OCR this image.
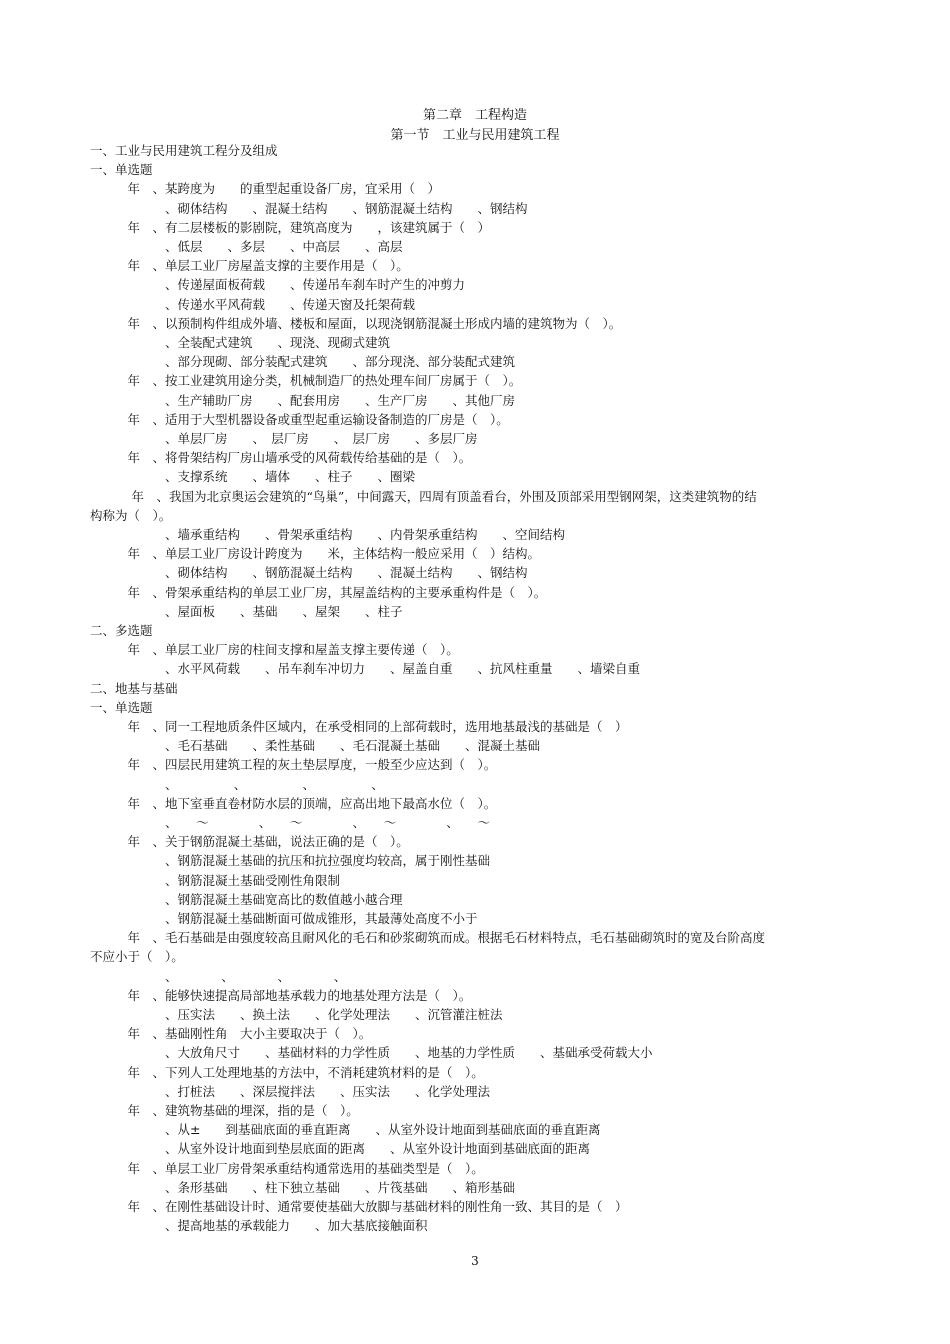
第二章　工程构造
第一节　工业与民用建筑工程
一、工业与民用建筑工程分及组成
一、单选题
　　　年　、某跨度为　　的重型起重设备厂房，宜采用（　）
　　　　　　、砌体结构　　、混凝土结构　　、钢筋混凝土结构　　、钢结构
　　　年　、有二层楼板的影剧院，建筑高度为　　，该建筑属于（　）
　　　　　　、低层　　、多层　　、中高层　　、高层
　　　年　、单层工业厂房屋盖支撑的主要作用是（　）。
　　　　　　、传递屋面板荷载　　、传递吊车刹车时产生的冲剪力
　　　　　　、传递水平风荷载　　、传递天窗及托架荷载
　　　年　、以预制构件组成外墙、楼板和屋面，以现浇钢筋混凝土形成内墙的建筑物为（　）。
　　　　　　、全装配式建筑　　、现浇、现砌式建筑
　　　　　　、部分现砌、部分装配式建筑　　、部分现浇、部分装配式建筑
　　　年　、按工业建筑用途分类，机械制造厂的热处理车间厂房属于（　）。
　　　　　　、生产辅助厂房　　、配套用房　　、生产厂房　　、其他厂房
　　　年　、适用于大型机器设备或重型起重运输设备制造的厂房是（　）。
　　　　　　、单层厂房　　、　层厂房　　、　层厂房　　、多层厂房
　　　年　、将骨架结构厂房山墙承受的风荷载传给基础的是（　）。
　　　　　　、支撑系统　　、墙体　　、柱子　　、圈梁
　　　 年　、我国为北京奥运会建筑的“鸟巢”，中间露天，四周有顶盖看台，外围及顶部采用型钢网架，这类建筑物的结
构称为（　）。
　　　　　　、墙承重结构　　、骨架承重结构　　、内骨架承重结构　　、空间结构
　　　年　、单层工业厂房设计跨度为　　米，主体结构一般应采用（　）结构。
　　　　　　、砌体结构　　、钢筋混凝土结构　　、混凝土结构　　、钢结构
　　　年　、骨架承重结构的单层工业厂房，其屋盖结构的主要承重构件是（　）。
　　　　　　、屋面板　　、基础　　、屋架　　、柱子
二、多选题
　　　年　、单层工业厂房的柱间支撑和屋盖支撑主要传递（　）。
　　　　　　、水平风荷载　　、吊车刹车冲切力　　、屋盖自重　　、抗风柱重量　　、墙梁自重
二、地基与基础
一、单选题
　　　年　、同一工程地质条件区域内，在承受相同的上部荷载时，选用地基最浅的基础是（　）
　　　　　　、毛石基础　　、柔性基础　　、毛石混凝土基础　　、混凝土基础
　　　年　、四层民用建筑工程的灰土垫层厚度，一般至少应达到（　）。
　　　　　　、　　　　　、　　　　　、　　　　　、
　　　年　、地下室垂直卷材防水层的顶端，应高出地下最高水位（　）。
　　　　　　、　　～　　　　、　　～　　　　、　　～　　　　、　　～
　　　年　、关于钢筋混凝土基础，说法正确的是（　）。
　　　　　　、钢筋混凝土基础的抗压和抗拉强度均较高，属于刚性基础
　　　　　　、钢筋混凝土基础受刚性角限制
　　　　　　、钢筋混凝土基础宽高比的数值越小越合理
　　　　　　、钢筋混凝土基础断面可做成锥形，其最薄处高度不小于
　　　年　、毛石基础是由强度较高且耐风化的毛石和砂浆砌筑而成。根据毛石材料特点，毛石基础砌筑时的宽及台阶高度
不应小于（　）。
　　　　　　、　　　　、　　　　、　　　　、
　　　年　、能够快速提高局部地基承载力的地基处理方法是（　）。
　　　　　　、压实法　　、换土法　　、化学处理法　　、沉管灌注桩法
　　　年　、基础刚性角　大小主要取决于（　）。
　　　　　　、大放角尺寸　　、基础材料的力学性质　　、地基的力学性质　　、基础承受荷载大小
　　　年　、下列人工处理地基的方法中，不消耗建筑材料的是（　）。
　　　　　　、打桩法　　、深层搅拌法　　、压实法　　、化学处理法
　　　年　、建筑物基础的埋深，指的是（　）。
　　　　　　、从±　　到基础底面的垂直距离　　、从室外设计地面到基础底面的垂直距离
　　　　　　、从室外设计地面到垫层底面的距离　　、从室外设计地面到基础底面的距离
　　　年　、单层工业厂房骨架承重结构通常选用的基础类型是（　）。
　　　　　　、条形基础　　、柱下独立基础　　、片筏基础　　、箱形基础
　　　年　、在刚性基础设计时、通常要使基础大放脚与基础材料的刚性角一致、其目的是（　）
　　　　　　、提高地基的承载能力　　、加大基底接触面积
3
